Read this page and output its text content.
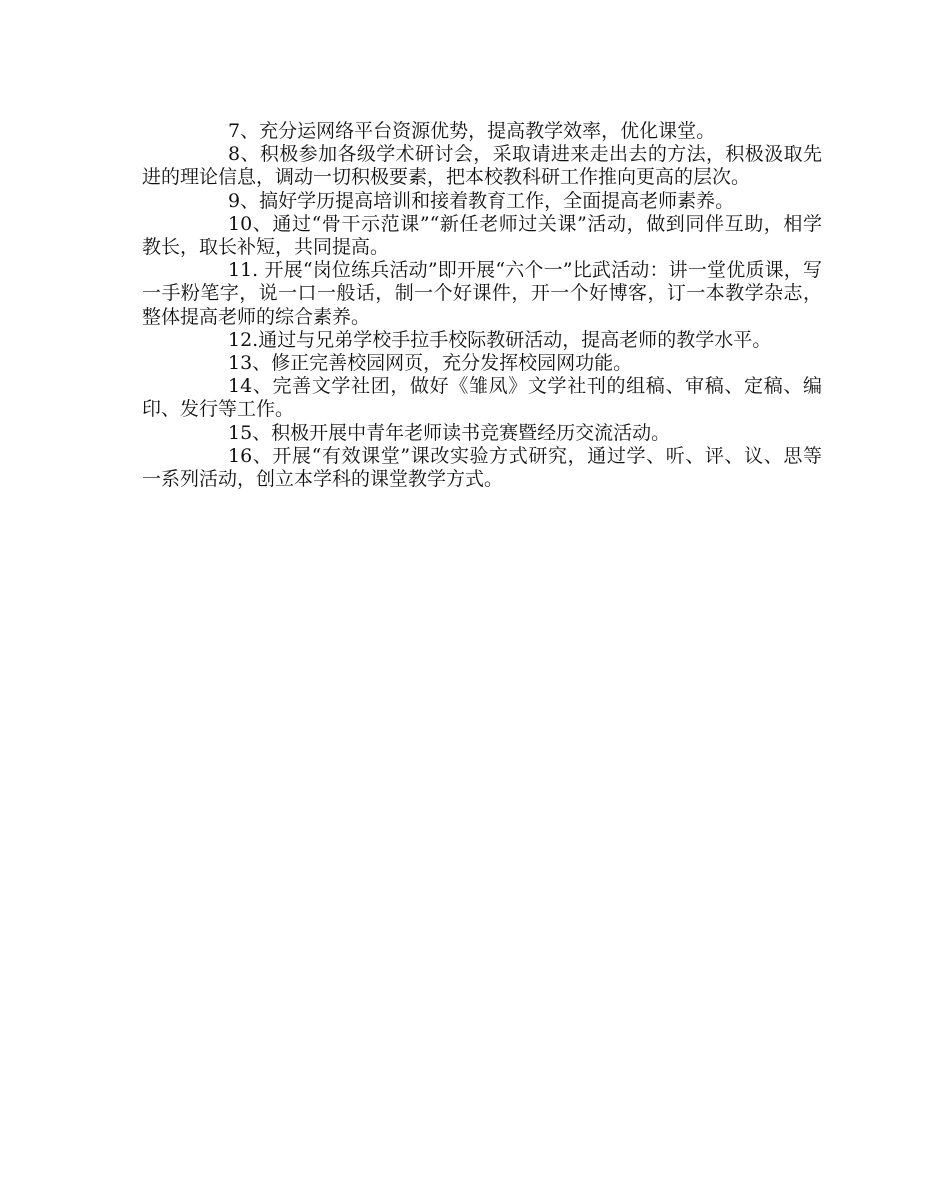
7、充分运网络平台资源优势，提高教学效率，优化课堂。

8、积极参加各级学术研讨会，采取请进来走出去的方法，积极汲取先进的理论信息，调动一切积极要素，把本校教科研工作推向更高的层次。

9、搞好学历提高培训和接着教育工作，全面提高老师素养。

10、通过“骨干示范课”“新任老师过关课”活动，做到同伴互助，相学教长，取长补短，共同提高。

11. 开展“岗位练兵活动”即开展“六个一”比武活动：讲一堂优质课，写一手粉笔字，说一口一般话，制一个好课件，开一个好博客，订一本教学杂志，整体提高老师的综合素养。

12.通过与兄弟学校手拉手校际教研活动，提高老师的教学水平。

13、修正完善校园网页，充分发挥校园网功能。

14、完善文学社团，做好《雏凤》文学社刊的组稿、审稿、定稿、编印、发行等工作。

15、积极开展中青年老师读书竞赛暨经历交流活动。

16、开展“有效课堂”课改实验方式研究，通过学、听、评、议、思等一系列活动，创立本学科的课堂教学方式。
